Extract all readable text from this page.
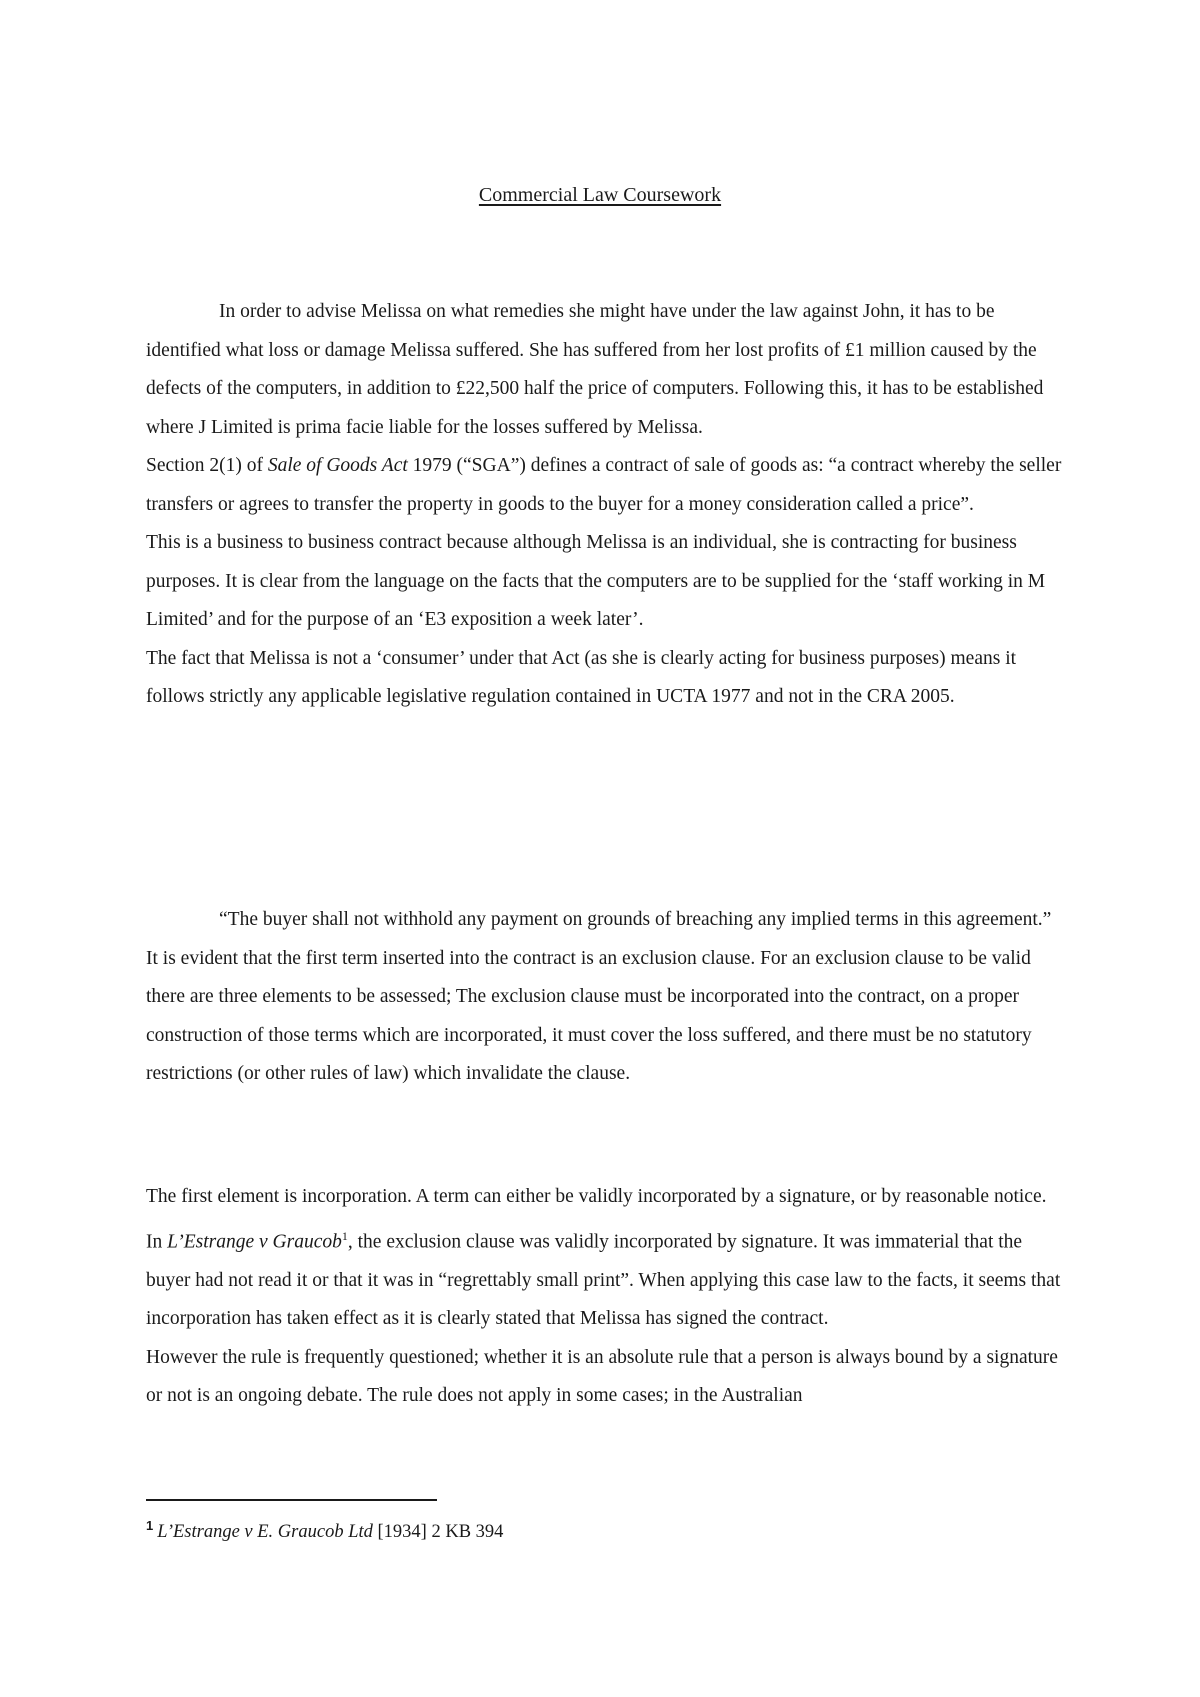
Commercial Law Coursework

In order to advise Melissa on what remedies she might have under the law against John, it has to be identified what loss or damage Melissa suffered. She has suffered from her lost profits of £1 million caused by the defects of the computers, in addition to £22,500 half the price of computers. Following this, it has to be established where J Limited is prima facie liable for the losses suffered by Melissa.

Section 2(1) of Sale of Goods Act 1979 (“SGA”) defines a contract of sale of goods as: “a contract whereby the seller transfers or agrees to transfer the property in goods to the buyer for a money consideration called a price”.

This is a business to business contract because although Melissa is an individual, she is contracting for business purposes. It is clear from the language on the facts that the computers are to be supplied for the ‘staff working in M Limited’ and for the purpose of an ‘E3 exposition a week later’.

The fact that Melissa is not a ‘consumer’ under that Act (as she is clearly acting for business purposes) means it follows strictly any applicable legislative regulation contained in UCTA 1977 and not in the CRA 2005.

“The buyer shall not withhold any payment on grounds of breaching any implied terms in this agreement.”

It is evident that the first term inserted into the contract is an exclusion clause. For an exclusion clause to be valid there are three elements to be assessed; The exclusion clause must be incorporated into the contract, on a proper construction of those terms which are incorporated, it must cover the loss suffered, and there must be no statutory restrictions (or other rules of law) which invalidate the clause.

The first element is incorporation. A term can either be validly incorporated by a signature, or by reasonable notice.

In L’Estrange v Graucob$^1$, the exclusion clause was validly incorporated by signature. It was immaterial that the buyer had not read it or that it was in “regrettably small print”. When applying this case law to the facts, it seems that incorporation has taken effect as it is clearly stated that Melissa has signed the contract.

However the rule is frequently questioned; whether it is an absolute rule that a person is always bound by a signature or not is an ongoing debate. The rule does not apply in some cases; in the Australian

$^1$ L’Estrange v E. Graucob Ltd [1934] 2 KB 394
